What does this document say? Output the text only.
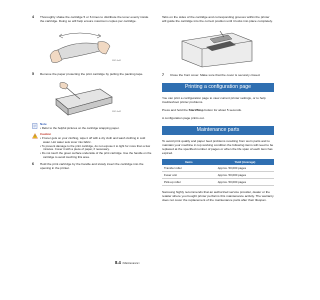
4 Thoroughly shake the cartridge 5 or 6 times to distribute the toner evenly inside the cartridge. Doing so will help ensure maximum copies per cartridge.
5567-0x01
5 Remove the paper protecting the print cartridge by pulling the packing tape.
5567-0x02
Note
• Refer to the helpful pictures on the cartridge wrapping paper.
Caution
• If toner gets on your clothing, wipe it off with a dry cloth and wash clothing in cold water. Hot water sets toner into fabric.
• To prevent damage to the print cartridge, do not expose it to light for more than a few minutes. Cover it with a piece of paper, if necessary.
• Do not touch the green surface underside of the print cartridge. Use the handle on the cartridge to avoid touching this area.
6 Hold the print cartridge by the handle and slowly insert the cartridge into the opening in the printer.
Tabs on the sides of the cartridge and corresponding grooves within the printer will guide the cartridge into the correct position until it locks into place completely.
7 Close the front cover. Make sure that the cover is securely closed.
Printing a configuration page
You can print a configuration page to view current printer settings, or to help troubleshoot printer problems.
Press and hold the Start/Stop button for about 5 seconds.
A configuration page prints out.
Maintenance parts
To avoid print quality and paper feed problems resulting from worn parts and to maintain your machine in top working condition the following items will need to be replaced at the specified number of pages or when the life span of each item has expired.
Items	Yield (Average)
Transfer roller	Approx. 50,000 pages
Fuser unit	Approx. 50,000 pages
Pick-up roller	Approx. 50,000 pages
Samsung highly recommends that an authorized service provider, dealer or the retailer where you bought printer performs this maintenance activity. The warranty does not cover the replacement of the maintenance parts after their lifespan.
8.4 <Maintenance>
